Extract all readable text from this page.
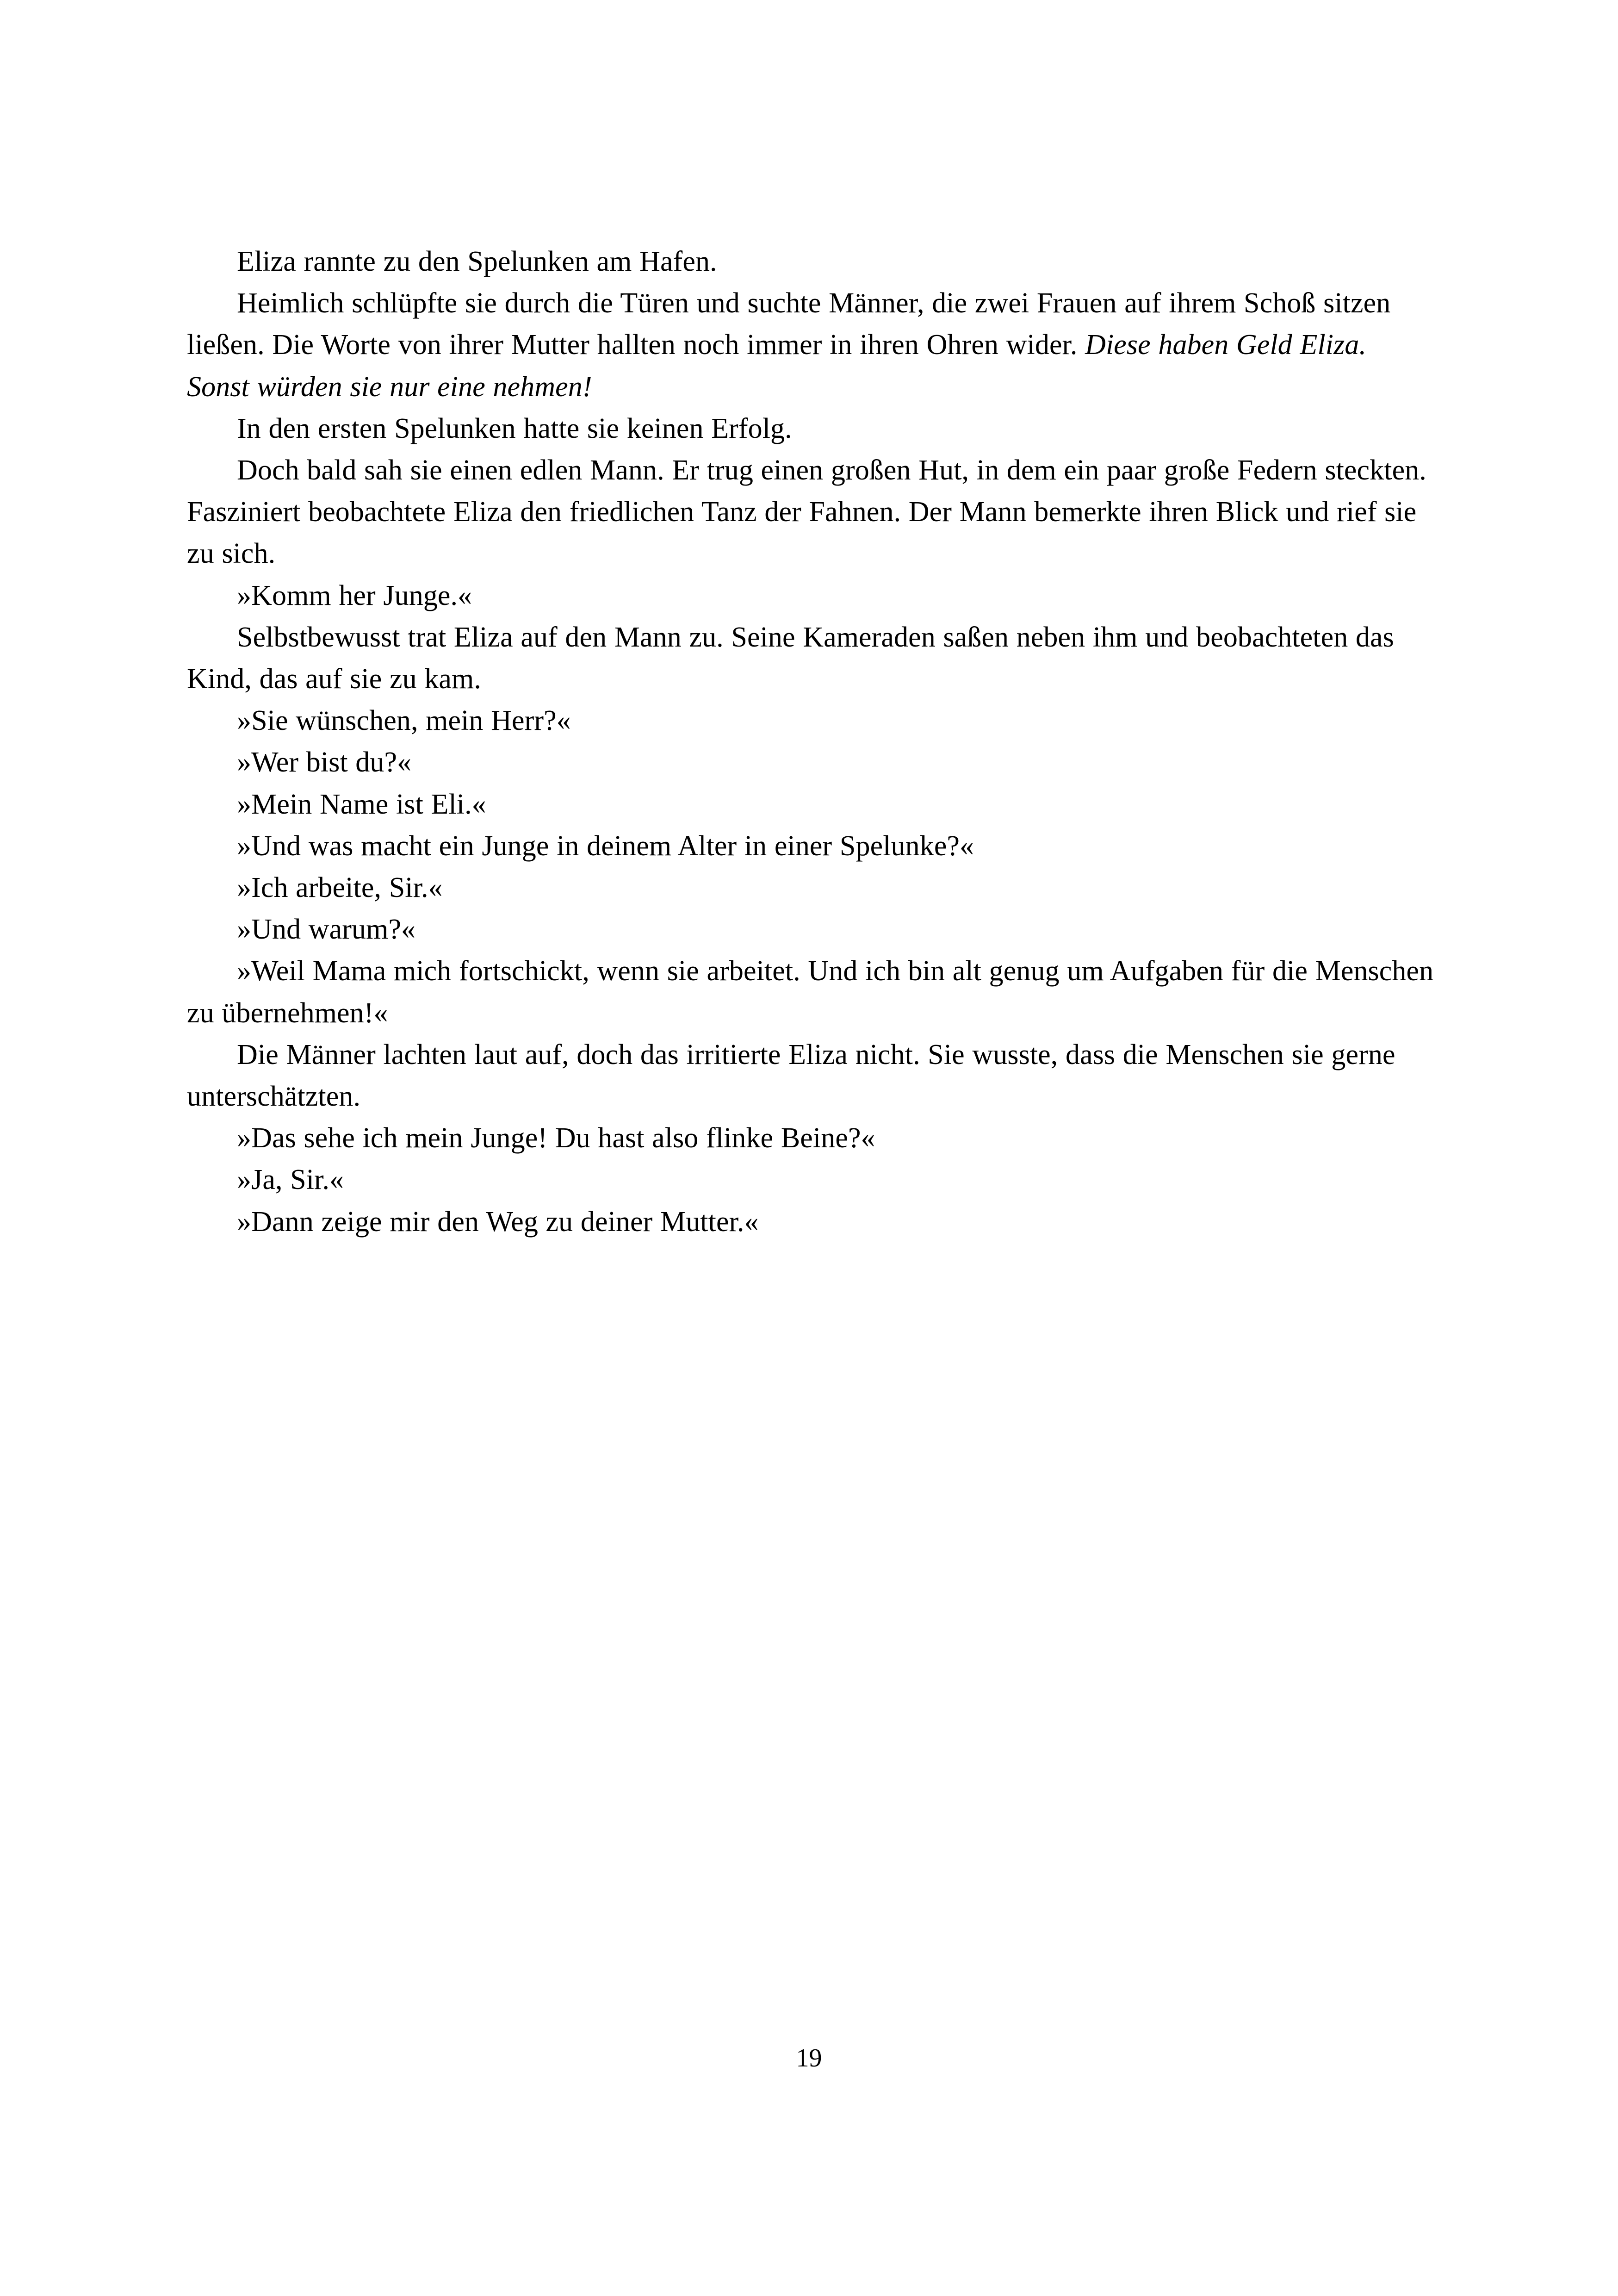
Eliza rannte zu den Spelunken am Hafen.

Heimlich schlüpfte sie durch die Türen und suchte Männer, die zwei Frauen auf ihrem Schoß sitzen ließen. Die Worte von ihrer Mutter hallten noch immer in ihren Ohren wider. Diese haben Geld Eliza. Sonst würden sie nur eine nehmen!

In den ersten Spelunken hatte sie keinen Erfolg.

Doch bald sah sie einen edlen Mann. Er trug einen großen Hut, in dem ein paar große Federn steckten. Fasziniert beobachtete Eliza den friedlichen Tanz der Fahnen. Der Mann bemerkte ihren Blick und rief sie zu sich.

»Komm her Junge.«

Selbstbewusst trat Eliza auf den Mann zu. Seine Kameraden saßen neben ihm und beobachteten das Kind, das auf sie zu kam.

»Sie wünschen, mein Herr?«

»Wer bist du?«

»Mein Name ist Eli.«

»Und was macht ein Junge in deinem Alter in einer Spelunke?«

»Ich arbeite, Sir.«

»Und warum?«

»Weil Mama mich fortschickt, wenn sie arbeitet. Und ich bin alt genug um Aufgaben für die Menschen zu übernehmen!«

Die Männer lachten laut auf, doch das irritierte Eliza nicht. Sie wusste, dass die Menschen sie gerne unterschätzten.

»Das sehe ich mein Junge! Du hast also flinke Beine?«

»Ja, Sir.«

»Dann zeige mir den Weg zu deiner Mutter.«

19
